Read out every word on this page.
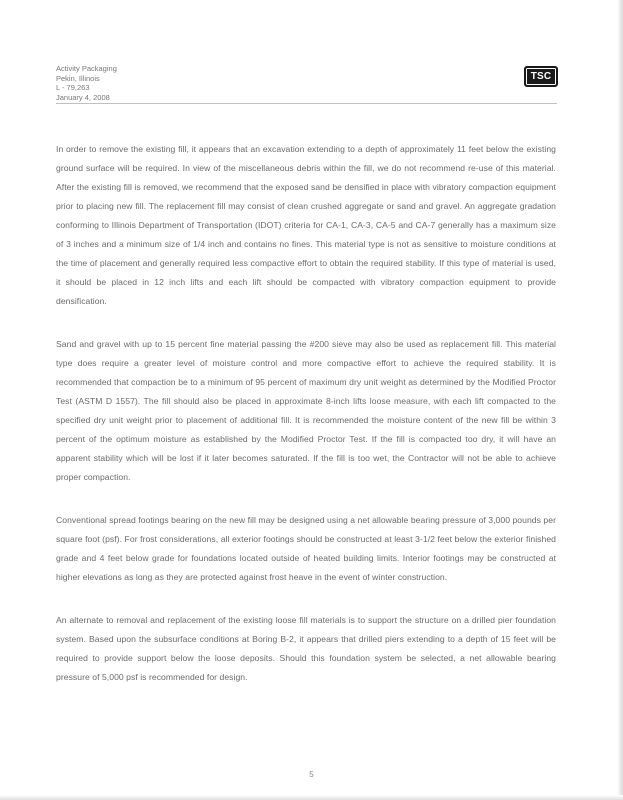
Activity Packaging
Pekin, Illinois
L - 79,263
January 4, 2008
TSC

In order to remove the existing fill, it appears that an excavation extending to a depth of approximately 11 feet below the existing ground surface will be required. In view of the miscellaneous debris within the fill, we do not recommend re-use of this material. After the existing fill is removed, we recommend that the exposed sand be densified in place with vibratory compaction equipment prior to placing new fill. The replacement fill may consist of clean crushed aggregate or sand and gravel. An aggregate gradation conforming to Illinois Department of Transportation (IDOT) criteria for CA-1, CA-3, CA-5 and CA-7 generally has a maximum size of 3 inches and a minimum size of 1/4 inch and contains no fines. This material type is not as sensitive to moisture conditions at the time of placement and generally required less compactive effort to obtain the required stability. If this type of material is used, it should be placed in 12 inch lifts and each lift should be compacted with vibratory compaction equipment to provide densification.

Sand and gravel with up to 15 percent fine material passing the #200 sieve may also be used as replacement fill. This material type does require a greater level of moisture control and more compactive effort to achieve the required stability. It is recommended that compaction be to a minimum of 95 percent of maximum dry unit weight as determined by the Modified Proctor Test (ASTM D 1557). The fill should also be placed in approximate 8-inch lifts loose measure, with each lift compacted to the specified dry unit weight prior to placement of additional fill. It is recommended the moisture content of the new fill be within 3 percent of the optimum moisture as established by the Modified Proctor Test. If the fill is compacted too dry, it will have an apparent stability which will be lost if it later becomes saturated. If the fill is too wet, the Contractor will not be able to achieve proper compaction.

Conventional spread footings bearing on the new fill may be designed using a net allowable bearing pressure of 3,000 pounds per square foot (psf). For frost considerations, all exterior footings should be constructed at least 3-1/2 feet below the exterior finished grade and 4 feet below grade for foundations located outside of heated building limits. Interior footings may be constructed at higher elevations as long as they are protected against frost heave in the event of winter construction.

An alternate to removal and replacement of the existing loose fill materials is to support the structure on a drilled pier foundation system. Based upon the subsurface conditions at Boring B-2, it appears that drilled piers extending to a depth of 15 feet will be required to provide support below the loose deposits. Should this foundation system be selected, a net allowable bearing pressure of 5,000 psf is recommended for design.

5
